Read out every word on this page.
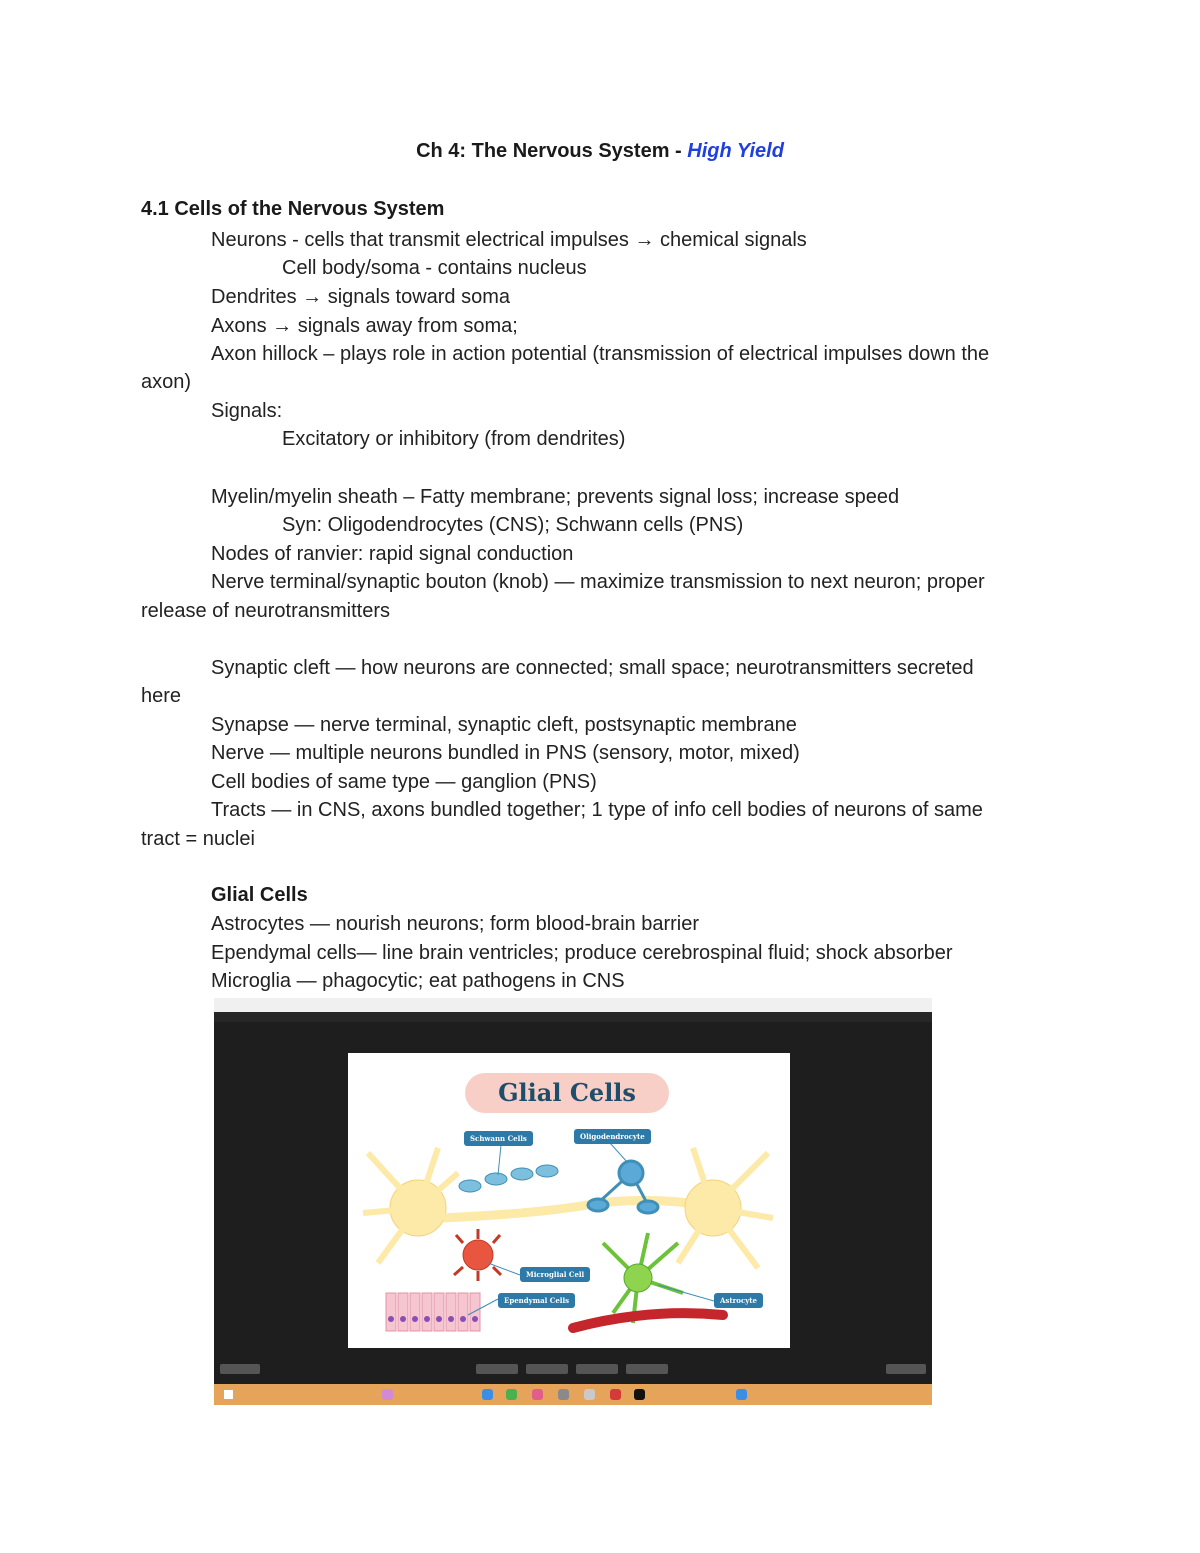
Ch 4: The Nervous System - High Yield
4.1 Cells of the Nervous System
Neurons - cells that transmit electrical impulses → chemical signals
Cell body/soma - contains nucleus
Dendrites → signals toward soma
Axons → signals away from soma;
Axon hillock – plays role in action potential (transmission of electrical impulses down the
axon)
Signals:
Excitatory or inhibitory (from dendrites)
Myelin/myelin sheath – Fatty membrane; prevents signal loss; increase speed
Syn: Oligodendrocytes (CNS); Schwann cells (PNS)
Nodes of ranvier: rapid signal conduction
Nerve terminal/synaptic bouton (knob) — maximize transmission to next neuron; proper
release of neurotransmitters
Synaptic cleft — how neurons are connected; small space; neurotransmitters secreted
here
Synapse — nerve terminal, synaptic cleft, postsynaptic membrane
Nerve — multiple neurons bundled in PNS (sensory, motor, mixed)
Cell bodies of same type — ganglion (PNS)
Tracts — in CNS, axons bundled together; 1 type of info cell bodies of neurons of same
tract = nuclei
Glial Cells
Astrocytes — nourish neurons; form blood-brain barrier
Ependymal cells— line brain ventricles; produce cerebrospinal fluid; shock absorber
Microglia — phagocytic; eat pathogens in CNS
Glial Cells
Schwann Cells	Oligodendrocyte
Microglial Cell
Ependymal Cells	Astrocyte
